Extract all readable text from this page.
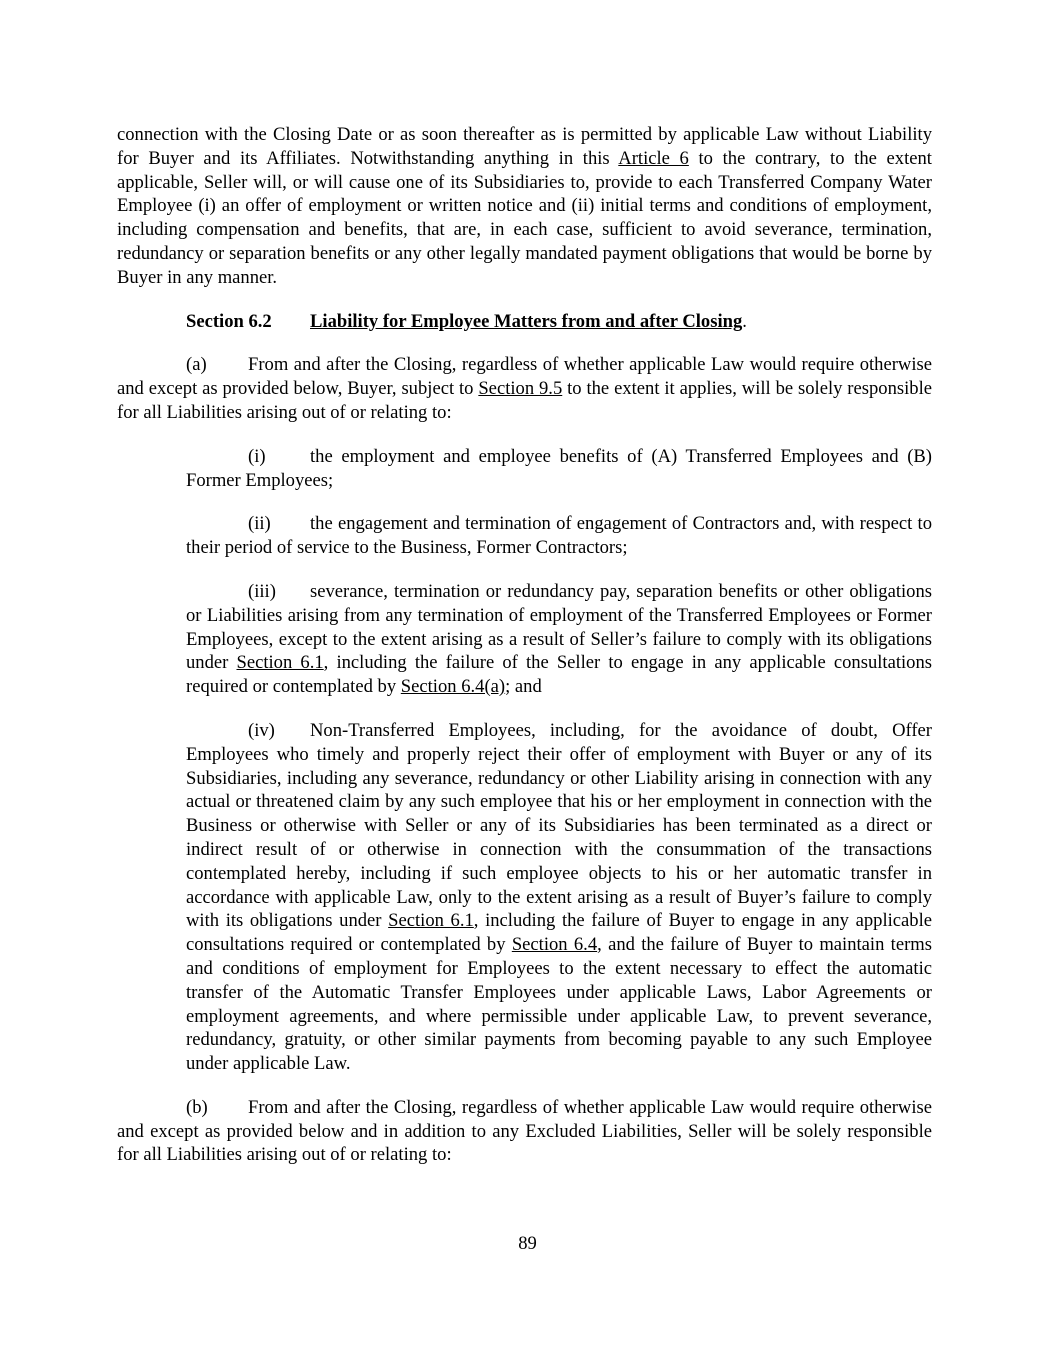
connection with the Closing Date or as soon thereafter as is permitted by applicable Law without Liability for Buyer and its Affiliates. Notwithstanding anything in this Article 6 to the contrary, to the extent applicable, Seller will, or will cause one of its Subsidiaries to, provide to each Transferred Company Water Employee (i) an offer of employment or written notice and (ii) initial terms and conditions of employment, including compensation and benefits, that are, in each case, sufficient to avoid severance, termination, redundancy or separation benefits or any other legally mandated payment obligations that would be borne by Buyer in any manner.

Section 6.2 Liability for Employee Matters from and after Closing.

(a) From and after the Closing, regardless of whether applicable Law would require otherwise and except as provided below, Buyer, subject to Section 9.5 to the extent it applies, will be solely responsible for all Liabilities arising out of or relating to:

(i) the employment and employee benefits of (A) Transferred Employees and (B) Former Employees;

(ii) the engagement and termination of engagement of Contractors and, with respect to their period of service to the Business, Former Contractors;

(iii) severance, termination or redundancy pay, separation benefits or other obligations or Liabilities arising from any termination of employment of the Transferred Employees or Former Employees, except to the extent arising as a result of Seller’s failure to comply with its obligations under Section 6.1, including the failure of the Seller to engage in any applicable consultations required or contemplated by Section 6.4(a); and

(iv) Non-Transferred Employees, including, for the avoidance of doubt, Offer Employees who timely and properly reject their offer of employment with Buyer or any of its Subsidiaries, including any severance, redundancy or other Liability arising in connection with any actual or threatened claim by any such employee that his or her employment in connection with the Business or otherwise with Seller or any of its Subsidiaries has been terminated as a direct or indirect result of or otherwise in connection with the consummation of the transactions contemplated hereby, including if such employee objects to his or her automatic transfer in accordance with applicable Law, only to the extent arising as a result of Buyer’s failure to comply with its obligations under Section 6.1, including the failure of Buyer to engage in any applicable consultations required or contemplated by Section 6.4, and the failure of Buyer to maintain terms and conditions of employment for Employees to the extent necessary to effect the automatic transfer of the Automatic Transfer Employees under applicable Laws, Labor Agreements or employment agreements, and where permissible under applicable Law, to prevent severance, redundancy, gratuity, or other similar payments from becoming payable to any such Employee under applicable Law.

(b) From and after the Closing, regardless of whether applicable Law would require otherwise and except as provided below and in addition to any Excluded Liabilities, Seller will be solely responsible for all Liabilities arising out of or relating to:

89
